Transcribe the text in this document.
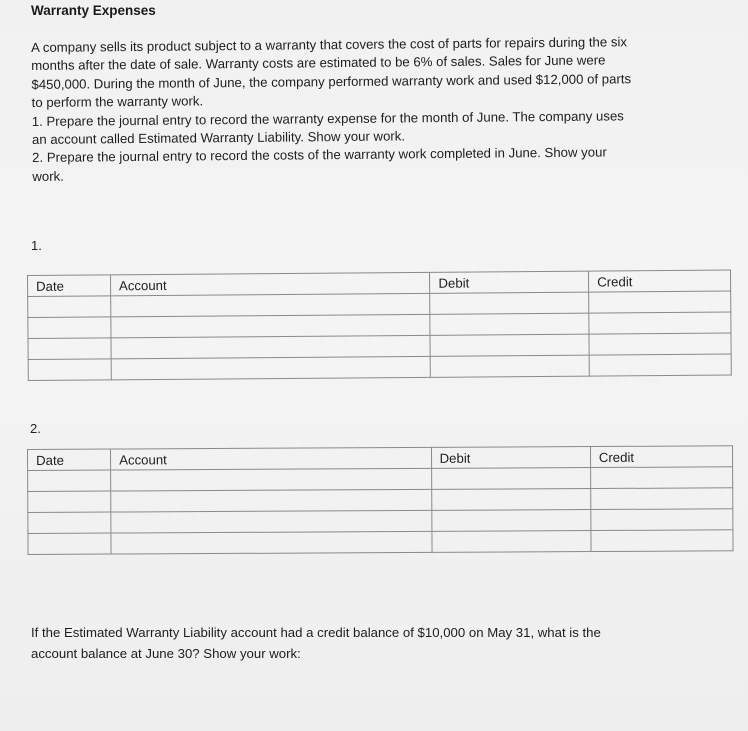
Warranty Expenses

A company sells its product subject to a warranty that covers the cost of parts for repairs during the six

months after the date of sale. Warranty costs are estimated to be 6% of sales. Sales for June were

$450,000. During the month of June, the company performed warranty work and used $12,000 of parts

to perform the warranty work.

1. Prepare the journal entry to record the warranty expense for the month of June. The company uses

an account called Estimated Warranty Liability. Show your work.

2. Prepare the journal entry to record the costs of the warranty work completed in June. Show your

work.

1.
Date	Account	Debit	Credit

2.
Date	Account	Debit	Credit

If the Estimated Warranty Liability account had a credit balance of $10,000 on May 31, what is the
account balance at June 30? Show your work:
